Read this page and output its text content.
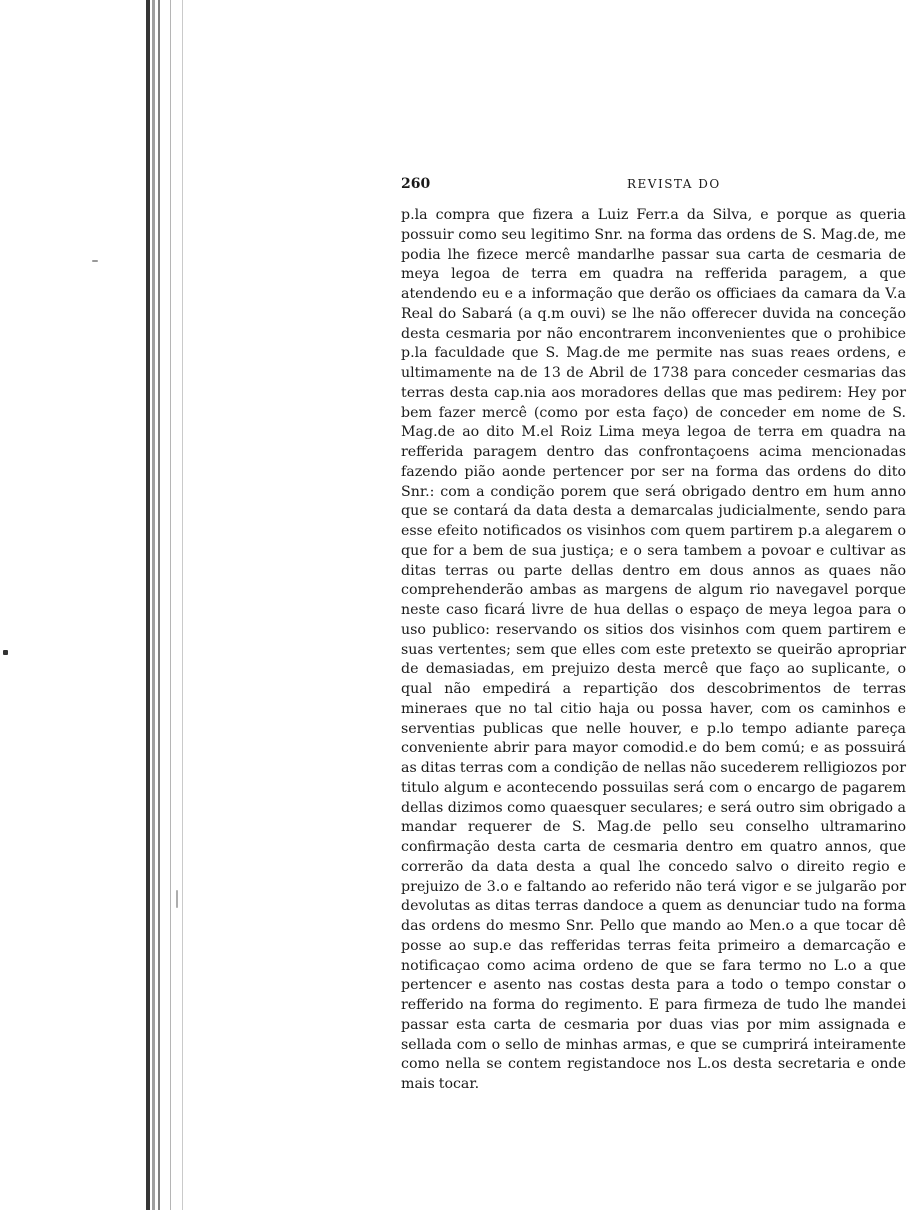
260	REVISTA DO

p.la compra que fizera a Luiz Ferr.a da Silva, e porque as queria possuir como seu legitimo Snr. na forma das ordens de S. Mag.de, me podia lhe fizece mercê mandarlhe passar sua carta de cesmaria de meya legoa de terra em quadra na refferida paragem, a que atendendo eu e a informação que derão os officiaes da camara da V.a Real do Sabará (a q.m ouvi) se lhe não offerecer duvida na conceção desta cesmaria por não encontrarem inconvenientes que o prohibice p.la faculdade que S. Mag.de me permite nas suas reaes ordens, e ultimamente na de 13 de Abril de 1738 para conceder cesmarias das terras desta cap.nia aos moradores dellas que mas pedirem: Hey por bem fazer mercê (como por esta faço) de conceder em nome de S. Mag.de ao dito M.el Roiz Lima meya legoa de terra em quadra na refferida paragem dentro das confrontaçoens acima mencionadas fazendo pião aonde pertencer por ser na forma das ordens do dito Snr.: com a condição porem que será obrigado dentro em hum anno que se contará da data desta a demarcalas judicialmente, sendo para esse efeito notificados os visinhos com quem partirem p.a alegarem o que for a bem de sua justiça; e o sera tambem a povoar e cultivar as ditas terras ou parte dellas dentro em dous annos as quaes não comprehenderão ambas as margens de algum rio navegavel porque neste caso ficará livre de hua dellas o espaço de meya legoa para o uso publico: reservando os sitios dos visinhos com quem partirem e suas vertentes; sem que elles com este pretexto se queirão apropriar de demasiadas, em prejuizo desta mercê que faço ao suplicante, o qual não empedirá a repartição dos descobrimentos de terras mineraes que no tal citio haja ou possa haver, com os caminhos e serventias publicas que nelle houver, e p.lo tempo adiante pareça conveniente abrir para mayor comodid.e do bem comú; e as possuirá as ditas terras com a condição de nellas não sucederem relligiozos por titulo algum e acontecendo possuilas será com o encargo de pagarem dellas dizimos como quaesquer seculares; e será outro sim obrigado a mandar requerer de S. Mag.de pello seu conselho ultramarino confirmação desta carta de cesmaria dentro em quatro annos, que correrão da data desta a qual lhe concedo salvo o direito regio e prejuizo de 3.o e faltando ao referido não terá vigor e se julgarão por devolutas as ditas terras dandoce a quem as denunciar tudo na forma das ordens do mesmo Snr. Pello que mando ao Men.o a que tocar dê posse ao sup.e das refferidas terras feita primeiro a demarcação e notificaçao como acima ordeno de que se fara termo no L.o a que pertencer e asento nas costas desta para a todo o tempo constar o refferido na forma do regimento. E para firmeza de tudo lhe mandei passar esta carta de cesmaria por duas vias por mim assignada e sellada com o sello de minhas armas, e que se cumprirá inteiramente como nella se contem registandoce nos L.os desta secretaria e onde mais tocar.
